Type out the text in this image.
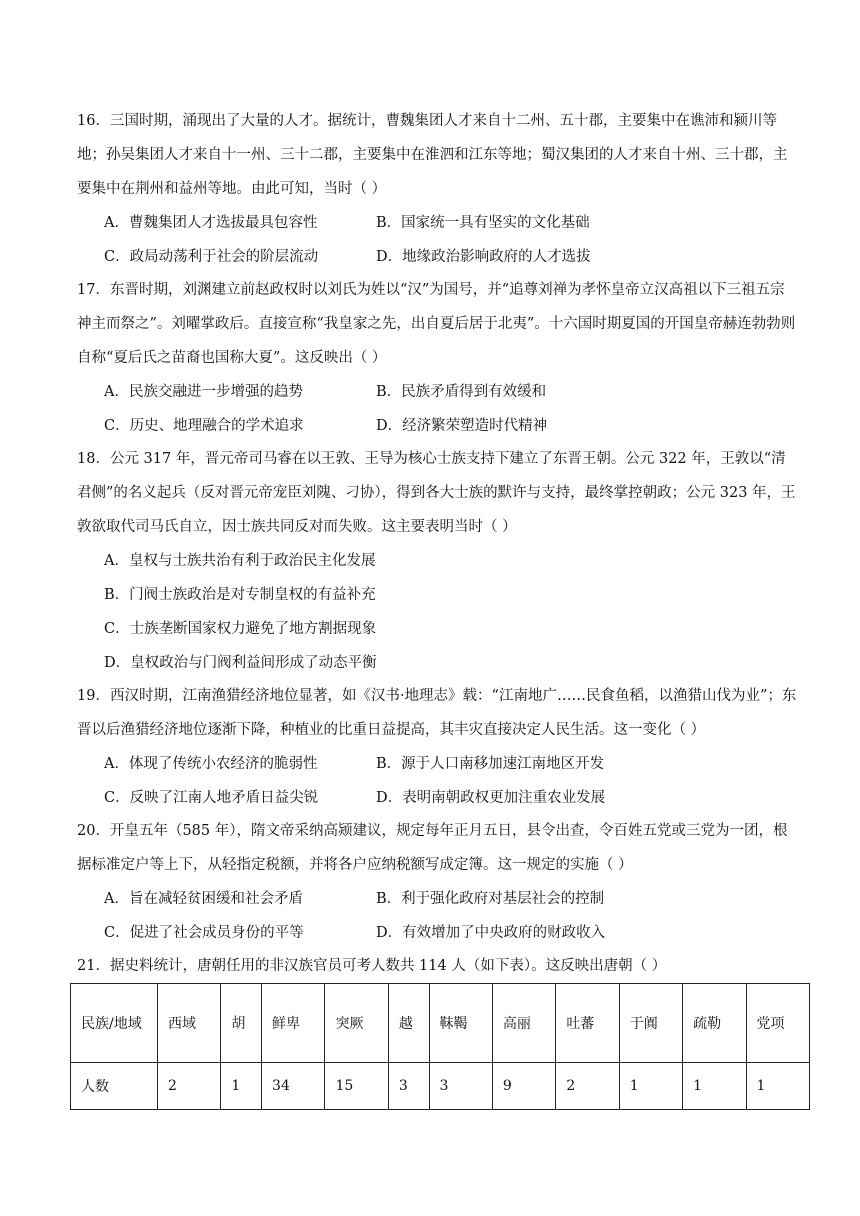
16．三国时期，涌现出了大量的人才。据统计，曹魏集团人才来自十二州、五十郡，主要集中在谯沛和颍川等地；孙吴集团人才来自十一州、三十二郡，主要集中在淮泗和江东等地；蜀汉集团的人才来自十州、三十郡，主要集中在荆州和益州等地。由此可知，当时（ ）

A．曹魏集团人才选拔最具包容性	B．国家统一具有坚实的文化基础
C．政局动荡利于社会的阶层流动	D．地缘政治影响政府的人才选拔

17．东晋时期，刘渊建立前赵政权时以刘氏为姓以“汉”为国号，并“追尊刘禅为孝怀皇帝立汉高祖以下三祖五宗神主而祭之”。刘曜掌政后。直接宣称“我皇家之先，出自夏后居于北夷”。十六国时期夏国的开国皇帝赫连勃勃则自称“夏后氏之苗裔也国称大夏”。这反映出（ ）

A．民族交融进一步增强的趋势	B．民族矛盾得到有效缓和
C．历史、地理融合的学术追求	D．经济繁荣塑造时代精神

18．公元 317 年，晋元帝司马睿在以王敦、王导为核心士族支持下建立了东晋王朝。公元 322 年，王敦以“清君侧”的名义起兵（反对晋元帝宠臣刘隗、刁协），得到各大士族的默许与支持，最终掌控朝政；公元 323 年，王敦欲取代司马氏自立，因士族共同反对而失败。这主要表明当时（ ）

A．皇权与士族共治有利于政治民主化发展
B．门阀士族政治是对专制皇权的有益补充
C．士族垄断国家权力避免了地方割据现象
D．皇权政治与门阀利益间形成了动态平衡

19．西汉时期，江南渔猎经济地位显著，如《汉书·地理志》载：“江南地广……民食鱼稻，以渔猎山伐为业”；东晋以后渔猎经济地位逐渐下降，种植业的比重日益提高，其丰灾直接决定人民生活。这一变化（ ）

A．体现了传统小农经济的脆弱性	B．源于人口南移加速江南地区开发
C．反映了江南人地矛盾日益尖锐	D．表明南朝政权更加注重农业发展

20．开皇五年（585 年），隋文帝采纳高颎建议，规定每年正月五日，县令出查，令百姓五党或三党为一团，根据标准定户等上下，从轻指定税额，并将各户应纳税额写成定簿。这一规定的实施（ ）

A．旨在减轻贫困缓和社会矛盾	B．利于强化政府对基层社会的控制
C．促进了社会成员身份的平等	D．有效增加了中央政府的财政收入

21．据史料统计，唐朝任用的非汉族官员可考人数共 114 人（如下表）。这反映出唐朝（ ）

民族/地域	西域	胡	鲜卑	突厥	越	靺鞨	高丽	吐蕃	于阗	疏勒	党项
人数	2	1	34	15	3	3	9	2	1	1	1
